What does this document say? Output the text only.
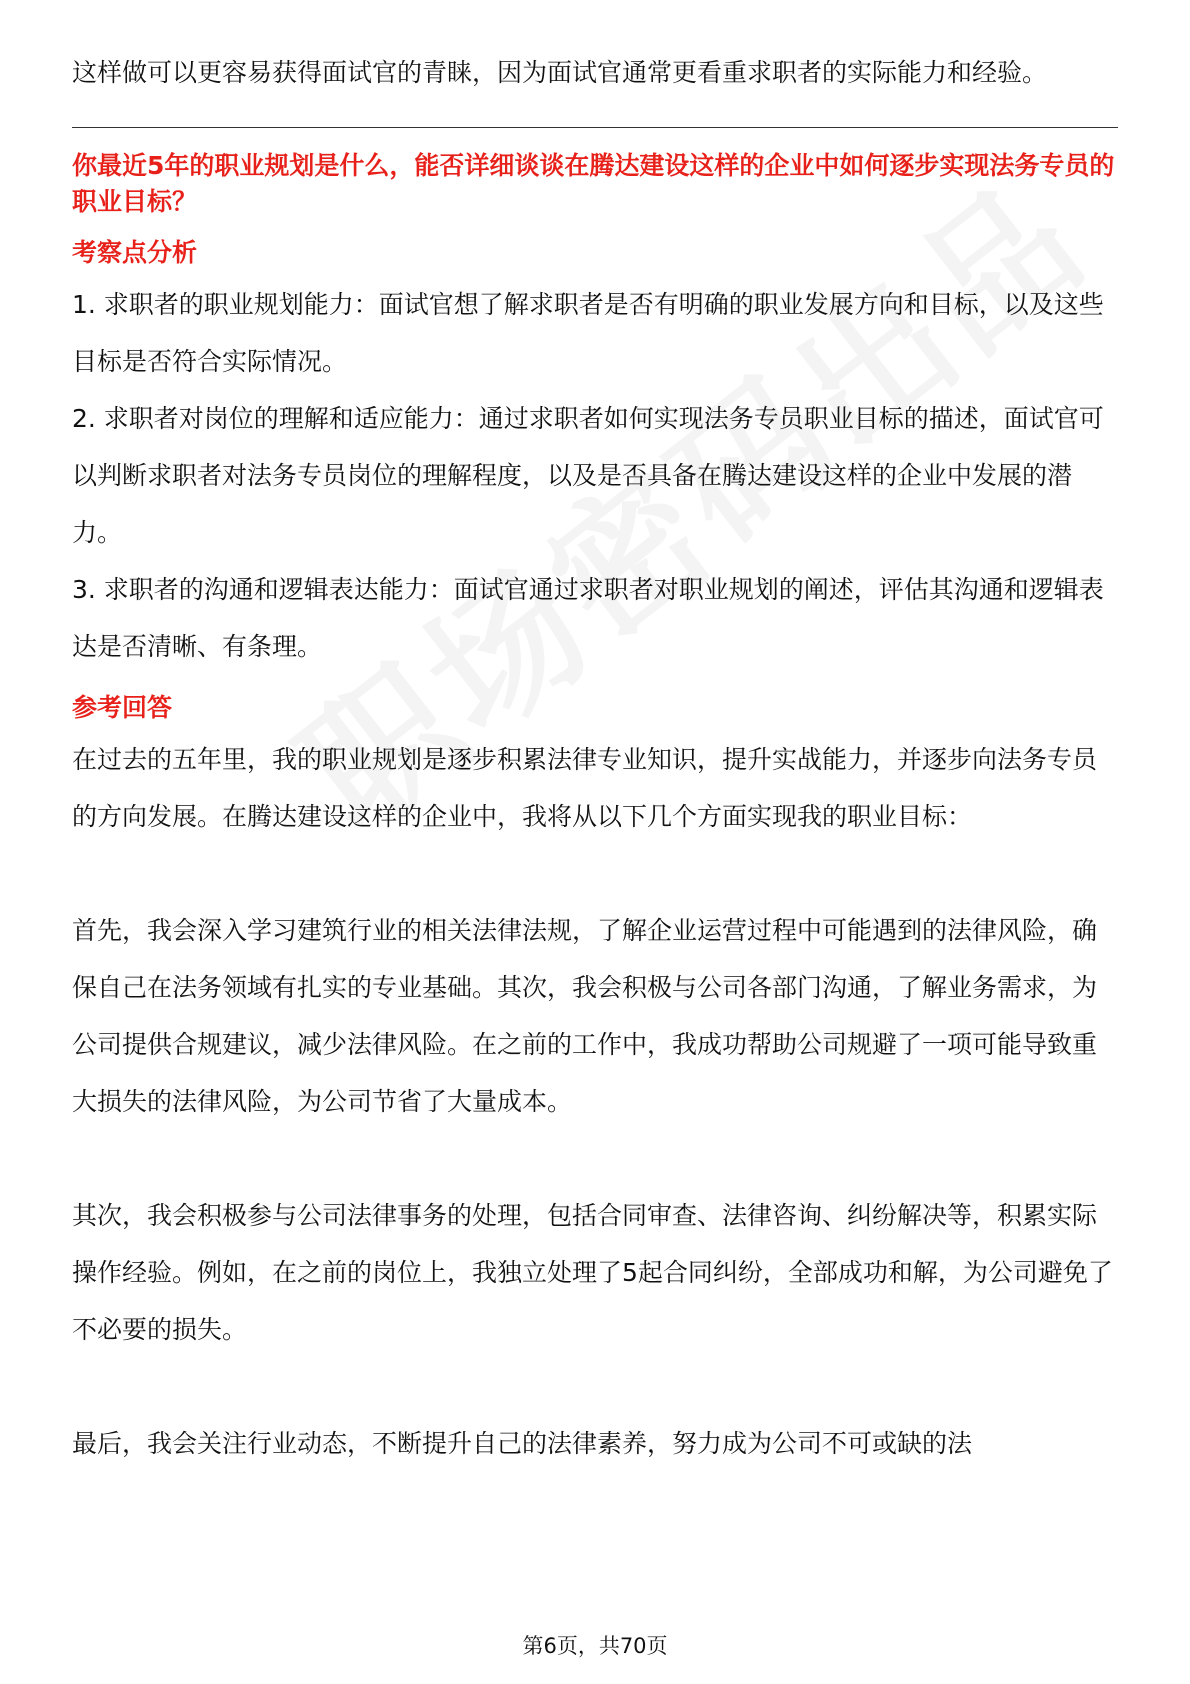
这样做可以更容易获得面试官的青睐，因为面试官通常更看重求职者的实际能力和经验。

你最近5年的职业规划是什么，能否详细谈谈在腾达建设这样的企业中如何逐步实现法务专员的职业目标？

考察点分析

1. 求职者的职业规划能力：面试官想了解求职者是否有明确的职业发展方向和目标，以及这些目标是否符合实际情况。

2. 求职者对岗位的理解和适应能力：通过求职者如何实现法务专员职业目标的描述，面试官可以判断求职者对法务专员岗位的理解程度，以及是否具备在腾达建设这样的企业中发展的潜力。

3. 求职者的沟通和逻辑表达能力：面试官通过求职者对职业规划的阐述，评估其沟通和逻辑表达是否清晰、有条理。

参考回答

在过去的五年里，我的职业规划是逐步积累法律专业知识，提升实战能力，并逐步向法务专员的方向发展。在腾达建设这样的企业中，我将从以下几个方面实现我的职业目标：

首先，我会深入学习建筑行业的相关法律法规，了解企业运营过程中可能遇到的法律风险，确保自己在法务领域有扎实的专业基础。其次，我会积极与公司各部门沟通，了解业务需求，为公司提供合规建议，减少法律风险。在之前的工作中，我成功帮助公司规避了一项可能导致重大损失的法律风险，为公司节省了大量成本。

其次，我会积极参与公司法律事务的处理，包括合同审查、法律咨询、纠纷解决等，积累实际操作经验。例如，在之前的岗位上，我独立处理了5起合同纠纷，全部成功和解，为公司避免了不必要的损失。

最后，我会关注行业动态，不断提升自己的法律素养，努力成为公司不可或缺的法

第6页，共70页
